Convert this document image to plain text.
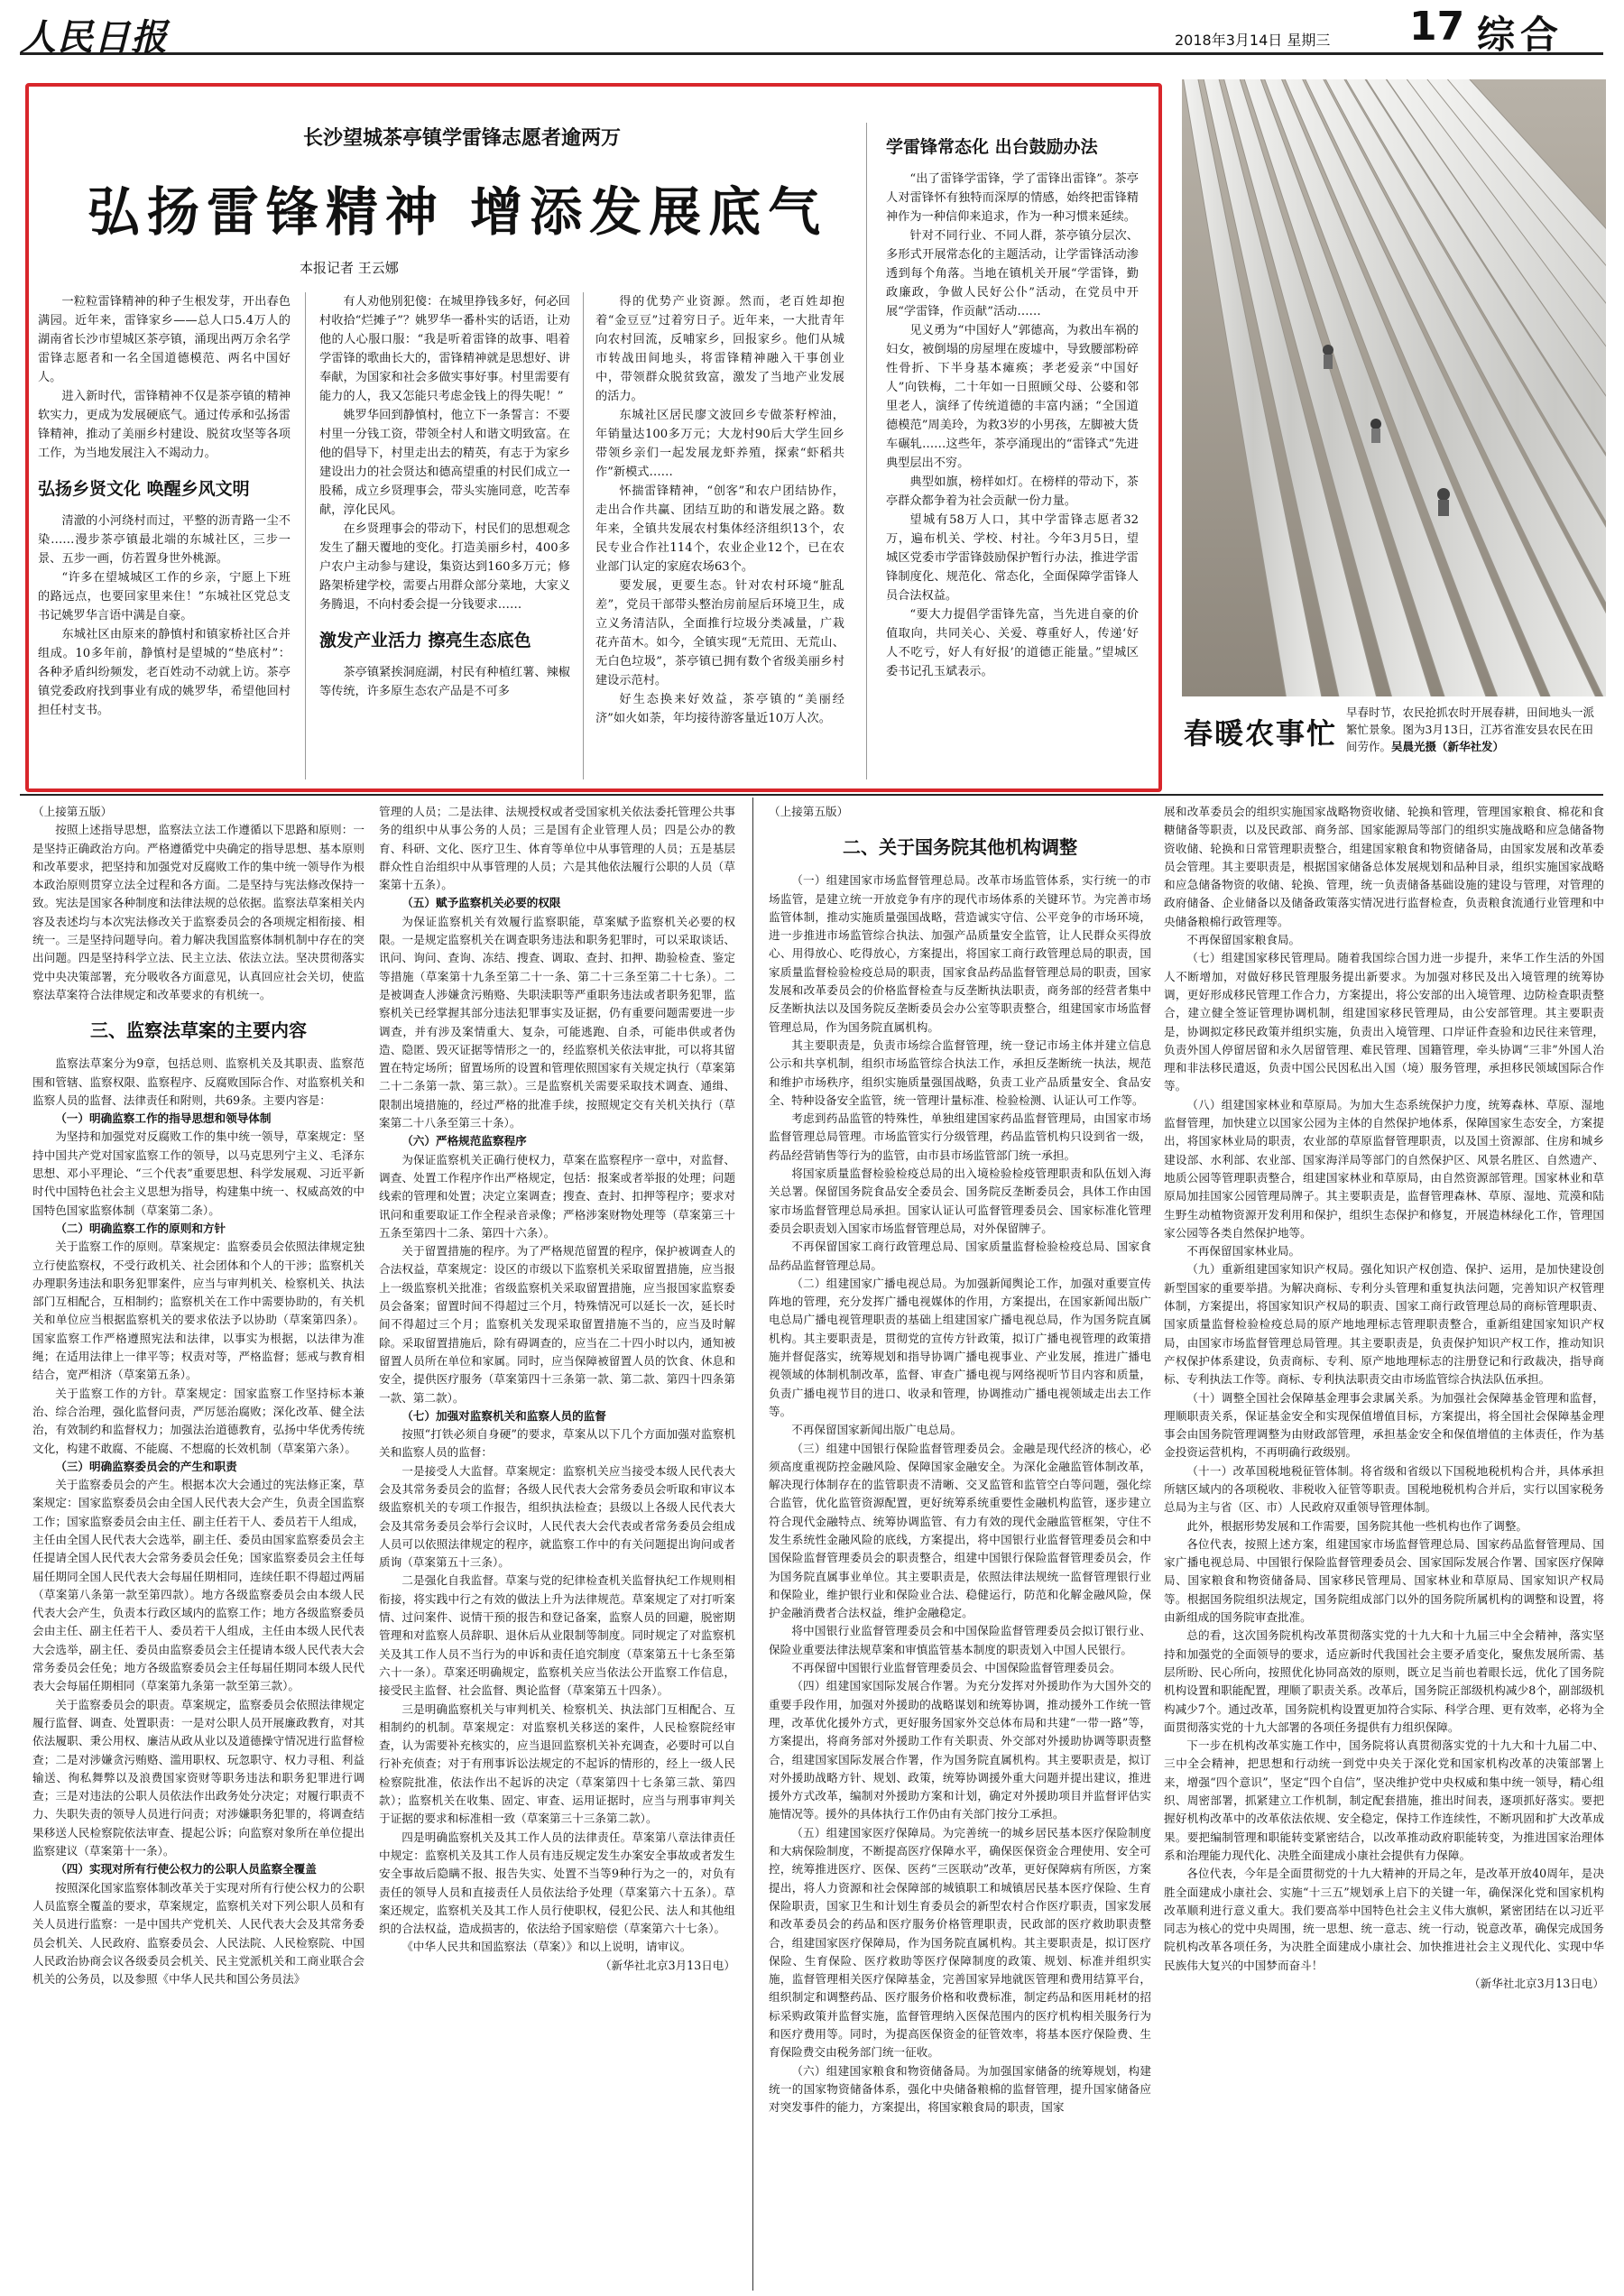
人民日报	2018年3月14日 星期三 17 综合
长沙望城茶亭镇学雷锋志愿者逾两万
弘扬雷锋精神 增添发展底气
本报记者 王云娜

一粒粒雷锋精神的种子生根发芽，开出春色满园。近年来，雷锋家乡——总人口5.4万人的湖南省长沙市望城区茶亭镇，涌现出两万余名学雷锋志愿者和一名全国道德模范、两名中国好人。

进入新时代，雷锋精神不仅是茶亭镇的精神软实力，更成为发展硬底气。通过传承和弘扬雷锋精神，推动了美丽乡村建设、脱贫攻坚等各项工作，为当地发展注入不竭动力。

弘扬乡贤文化 唤醒乡风文明

清澈的小河绕村而过，平整的沥青路一尘不染……漫步茶亭镇最北端的东城社区，三步一景、五步一画，仿若置身世外桃源。

“许多在望城城区工作的乡亲，宁愿上下班的路远点，也要回家里来住！”东城社区党总支书记姚罗华言语中满是自豪。

东城社区由原来的静慎村和镇家桥社区合并组成。10多年前，静慎村是望城的“垫底村”：各种矛盾纠纷频发，老百姓动不动就上访。茶亭镇党委政府找到事业有成的姚罗华，希望他回村担任村支书。

有人劝他别犯傻：在城里挣钱多好，何必回村收拾“烂摊子”？姚罗华一番朴实的话语，让劝他的人心服口服：“我是听着雷锋的故事、唱着学雷锋的歌曲长大的，雷锋精神就是思想好、讲奉献，为国家和社会多做实事好事。村里需要有能力的人，我又怎能只考虑金钱上的得失呢！”

姚罗华回到静慎村，他立下一条誓言：不要村里一分钱工资，带领全村人和谐文明致富。在他的倡导下，村里走出去的精英，有志于为家乡建设出力的社会贤达和德高望重的村民们成立一股稀，成立乡贤理事会，带头实施同意，吃苦奉献，淳化民风。

在乡贤理事会的带动下，村民们的思想观念发生了翻天覆地的变化。打造美丽乡村，400多户农户主动参与建设，集资达到160多万元；修路架桥建学校，需要占用群众部分菜地，大家义务腾退，不向村委会提一分钱要求……

激发产业活力 擦亮生态底色

茶亭镇紧挨洞庭湖，村民有种植红薯、辣椒等传统，许多原生态农产品是不可多

得的优势产业资源。然而，老百姓却抱着“金豆豆”过着穷日子。近年来，一大批青年向农村回流，反哺家乡，回报家乡。他们从城市转战田间地头，将雷锋精神融入干事创业中，带领群众脱贫致富，激发了当地产业发展的活力。

东城社区居民廖文波回乡专做茶籽榨油，年销量达100多万元；大龙村90后大学生回乡带领乡亲们一起发展龙虾养殖，探索“虾稻共作”新模式……

怀揣雷锋精神，“创客”和农户团结协作，走出合作共赢、团结互助的和谐发展之路。数年来，全镇共发展农村集体经济组织13个，农民专业合作社114个，农业企业12个，已在农业部门认定的家庭农场63个。

要发展，更要生态。针对农村环境“脏乱差”，党员干部带头整治房前屋后环境卫生，成立义务清洁队，全面推行垃圾分类减量，广栽花卉苗木。如今，全镇实现“无荒田、无荒山、无白色垃圾”，茶亭镇已拥有数个省级美丽乡村建设示范村。

好生态换来好效益，茶亭镇的“美丽经济”如火如荼，年均接待游客量近10万人次。

学雷锋常态化 出台鼓励办法

“出了雷锋学雷锋，学了雷锋出雷锋”。茶亭人对雷锋怀有独特而深厚的情感，始终把雷锋精神作为一种信仰来追求，作为一种习惯来延续。

针对不同行业、不同人群，茶亭镇分层次、多形式开展常态化的主题活动，让学雷锋活动渗透到每个角落。当地在镇机关开展“学雷锋，勤政廉政，争做人民好公仆”活动，在党员中开展“学雷锋，作贡献”活动……

见义勇为“中国好人”郭德高，为救出车祸的妇女，被倒塌的房屋埋在废墟中，导致腰部粉碎性骨折、下半身基本瘫痪；孝老爱亲“中国好人”向铁梅，二十年如一日照顾父母、公婆和邻里老人，演绎了传统道德的丰富内涵；“全国道德模范”周美玲，为救3岁的小男孩，左脚被大货车碾轧……这些年，茶亭涌现出的“雷锋式”先进典型层出不穷。

典型如旗，榜样如灯。在榜样的带动下，茶亭群众都争着为社会贡献一份力量。

望城有58万人口，其中学雷锋志愿者32万，遍布机关、学校、村社。今年3月5日，望城区党委市学雷锋鼓励保护暂行办法，推进学雷锋制度化、规范化、常态化，全面保障学雷锋人员合法权益。

“要大力提倡学雷锋先富，当先进自豪的价值取向，共同关心、关爱、尊重好人，传递‘好人不吃亏，好人有好报’的道德正能量。”望城区委书记孔玉斌表示。

春暖农事忙
早春时节，农民抢抓农时开展春耕，田间地头一派繁忙景象。图为3月13日，江苏省淮安县农民在田间劳作。吴晨光摄（新华社发）

（上接第五版）

按照上述指导思想，监察法立法工作遵循以下思路和原则：一是坚持正确政治方向。严格遵循党中央确定的指导思想、基本原则和改革要求，把坚持和加强党对反腐败工作的集中统一领导作为根本政治原则贯穿立法全过程和各方面。二是坚持与宪法修改保持一致。宪法是国家各种制度和法律法规的总依据。监察法草案相关内容及表述均与本次宪法修改关于监察委员会的各项规定相衔接、相统一。三是坚持问题导向。着力解决我国监察体制机制中存在的突出问题。四是坚持科学立法、民主立法、依法立法。坚决贯彻落实党中央决策部署，充分吸收各方面意见，认真回应社会关切，使监察法草案符合法律规定和改革要求的有机统一。

三、监察法草案的主要内容

监察法草案分为9章，包括总则、监察机关及其职责、监察范围和管辖、监察权限、监察程序、反腐败国际合作、对监察机关和监察人员的监督、法律责任和附则，共69条。主要内容是：

（一）明确监察工作的指导思想和领导体制

为坚持和加强党对反腐败工作的集中统一领导，草案规定：坚持中国共产党对国家监察工作的领导，以马克思列宁主义、毛泽东思想、邓小平理论、“三个代表”重要思想、科学发展观、习近平新时代中国特色社会主义思想为指导，构建集中统一、权威高效的中国特色国家监察体制（草案第二条）。

（二）明确监察工作的原则和方针

关于监察工作的原则。草案规定：监察委员会依照法律规定独立行使监察权，不受行政机关、社会团体和个人的干涉；监察机关办理职务违法和职务犯罪案件，应当与审判机关、检察机关、执法部门互相配合，互相制约；监察机关在工作中需要协助的，有关机关和单位应当根据监察机关的要求依法予以协助（草案第四条）。国家监察工作严格遵照宪法和法律，以事实为根据，以法律为准绳；在适用法律上一律平等；权责对等，严格监督；惩戒与教育相结合，宽严相济（草案第五条）。

关于监察工作的方针。草案规定：国家监察工作坚持标本兼治、综合治理，强化监督问责，严厉惩治腐败；深化改革、健全法治，有效制约和监督权力；加强法治道德教育，弘扬中华优秀传统文化，构建不敢腐、不能腐、不想腐的长效机制（草案第六条）。

（三）明确监察委员会的产生和职责

关于监察委员会的产生。根据本次大会通过的宪法修正案，草案规定：国家监察委员会由全国人民代表大会产生，负责全国监察工作；国家监察委员会由主任、副主任若干人、委员若干人组成，主任由全国人民代表大会选举，副主任、委员由国家监察委员会主任提请全国人民代表大会常务委员会任免；国家监察委员会主任每届任期同全国人民代表大会每届任期相同，连续任职不得超过两届（草案第八条第一款至第四款）。地方各级监察委员会由本级人民代表大会产生，负责本行政区域内的监察工作；地方各级监察委员会由主任、副主任若干人、委员若干人组成，主任由本级人民代表大会选举，副主任、委员由监察委员会主任提请本级人民代表大会常务委员会任免；地方各级监察委员会主任每届任期同本级人民代表大会每届任期相同（草案第九条第一款至第三款）。

关于监察委员会的职责。草案规定，监察委员会依照法律规定履行监督、调查、处置职责：一是对公职人员开展廉政教育，对其依法履职、秉公用权、廉洁从政从业以及道德操守情况进行监督检查；二是对涉嫌贪污贿赂、滥用职权、玩忽职守、权力寻租、利益输送、徇私舞弊以及浪费国家资财等职务违法和职务犯罪进行调查；三是对违法的公职人员依法作出政务处分决定；对履行职责不力、失职失责的领导人员进行问责；对涉嫌职务犯罪的，将调查结果移送人民检察院依法审查、提起公诉；向监察对象所在单位提出监察建议（草案第十一条）。

（四）实现对所有行使公权力的公职人员监察全覆盖

按照深化国家监察体制改革关于实现对所有行使公权力的公职人员监察全覆盖的要求，草案规定，监察机关对下列公职人员和有关人员进行监察：一是中国共产党机关、人民代表大会及其常务委员会机关、人民政府、监察委员会、人民法院、人民检察院、中国人民政治协商会议各级委员会机关、民主党派机关和工商业联合会机关的公务员，以及参照《中华人民共和国公务员法》

管理的人员；二是法律、法规授权或者受国家机关依法委托管理公共事务的组织中从事公务的人员；三是国有企业管理人员；四是公办的教育、科研、文化、医疗卫生、体育等单位中从事管理的人员；五是基层群众性自治组织中从事管理的人员；六是其他依法履行公职的人员（草案第十五条）。

（五）赋予监察机关必要的权限

为保证监察机关有效履行监察职能，草案赋予监察机关必要的权限。一是规定监察机关在调查职务违法和职务犯罪时，可以采取谈话、讯问、询问、查询、冻结、搜查、调取、查封、扣押、勘验检查、鉴定等措施（草案第十九条至第二十一条、第二十三条至第二十七条）。二是被调查人涉嫌贪污贿赂、失职渎职等严重职务违法或者职务犯罪，监察机关已经掌握其部分违法犯罪事实及证据，仍有重要问题需要进一步调查，并有涉及案情重大、复杂，可能逃跑、自杀，可能串供或者伪造、隐匿、毁灭证据等情形之一的，经监察机关依法审批，可以将其留置在特定场所；留置场所的设置和管理依照国家有关规定执行（草案第二十二条第一款、第三款）。三是监察机关需要采取技术调查、通缉、限制出境措施的，经过严格的批准手续，按照规定交有关机关执行（草案第二十八条至第三十条）。

（六）严格规范监察程序

为保证监察机关正确行使权力，草案在监察程序一章中，对监督、调查、处置工作程序作出严格规定，包括：报案或者举报的处理；问题线索的管理和处置；决定立案调查；搜查、查封、扣押等程序；要求对讯问和重要取证工作全程录音录像；严格涉案财物处理等（草案第三十五条至第四十二条、第四十六条）。

关于留置措施的程序。为了严格规范留置的程序，保护被调查人的合法权益，草案规定：设区的市级以下监察机关采取留置措施，应当报上一级监察机关批准；省级监察机关采取留置措施，应当报国家监察委员会备案；留置时间不得超过三个月，特殊情况可以延长一次，延长时间不得超过三个月；监察机关发现采取留置措施不当的，应当及时解除。采取留置措施后，除有碍调查的，应当在二十四小时以内，通知被留置人员所在单位和家属。同时，应当保障被留置人员的饮食、休息和安全，提供医疗服务（草案第四十三条第一款、第二款、第四十四条第一款、第二款）。

（七）加强对监察机关和监察人员的监督

按照“打铁必须自身硬”的要求，草案从以下几个方面加强对监察机关和监察人员的监督：

一是接受人大监督。草案规定：监察机关应当接受本级人民代表大会及其常务委员会的监督；各级人民代表大会常务委员会听取和审议本级监察机关的专项工作报告，组织执法检查；县级以上各级人民代表大会及其常务委员会举行会议时，人民代表大会代表或者常务委员会组成人员可以依照法律规定的程序，就监察工作中的有关问题提出询问或者质询（草案第五十三条）。

二是强化自我监督。草案与党的纪律检查机关监督执纪工作规则相衔接，将实践中行之有效的做法上升为法律规范。草案规定了对打听案情、过问案件、说情干预的报告和登记备案，监察人员的回避，脱密期管理和对监察人员辞职、退休后从业限制等制度。同时规定了对监察机关及其工作人员不当行为的申诉和责任追究制度（草案第五十七条至第六十一条）。草案还明确规定，监察机关应当依法公开监察工作信息，接受民主监督、社会监督、舆论监督（草案第五十四条）。

三是明确监察机关与审判机关、检察机关、执法部门互相配合、互相制约的机制。草案规定：对监察机关移送的案件，人民检察院经审查，认为需要补充核实的，应当退回监察机关补充调查，必要时可以自行补充侦查；对于有刑事诉讼法规定的不起诉的情形的，经上一级人民检察院批准，依法作出不起诉的决定（草案第四十七条第三款、第四款）；监察机关在收集、固定、审查、运用证据时，应当与刑事审判关于证据的要求和标准相一致（草案第三十三条第二款）。

四是明确监察机关及其工作人员的法律责任。草案第八章法律责任中规定：监察机关及其工作人员有违反规定发生办案安全事故或者发生安全事故后隐瞒不报、报告失实、处置不当等9种行为之一的，对负有责任的领导人员和直接责任人员依法给予处理（草案第六十五条）。草案还规定，监察机关及其工作人员行使职权，侵犯公民、法人和其他组织的合法权益，造成损害的，依法给予国家赔偿（草案第六十七条）。

《中华人民共和国监察法（草案）》和以上说明，请审议。

（新华社北京3月13日电）

（上接第五版）

二、关于国务院其他机构调整

（一）组建国家市场监督管理总局。改革市场监管体系，实行统一的市场监管，是建立统一开放竞争有序的现代市场体系的关键环节。为完善市场监管体制，推动实施质量强国战略，营造诚实守信、公平竞争的市场环境，进一步推进市场监管综合执法、加强产品质量安全监管，让人民群众买得放心、用得放心、吃得放心，方案提出，将国家工商行政管理总局的职责，国家质量监督检验检疫总局的职责，国家食品药品监督管理总局的职责，国家发展和改革委员会的价格监督检查与反垄断执法职责，商务部的经营者集中反垄断执法以及国务院反垄断委员会办公室等职责整合，组建国家市场监督管理总局，作为国务院直属机构。

其主要职责是，负责市场综合监督管理，统一登记市场主体并建立信息公示和共享机制，组织市场监管综合执法工作，承担反垄断统一执法，规范和维护市场秩序，组织实施质量强国战略，负责工业产品质量安全、食品安全、特种设备安全监管，统一管理计量标准、检验检测、认证认可工作等。

考虑到药品监管的特殊性，单独组建国家药品监督管理局，由国家市场监督管理总局管理。市场监管实行分级管理，药品监管机构只设到省一级，药品经营销售等行为的监管，由市县市场监管部门统一承担。

将国家质量监督检验检疫总局的出入境检验检疫管理职责和队伍划入海关总署。保留国务院食品安全委员会、国务院反垄断委员会，具体工作由国家市场监督管理总局承担。国家认证认可监督管理委员会、国家标准化管理委员会职责划入国家市场监督管理总局，对外保留牌子。

不再保留国家工商行政管理总局、国家质量监督检验检疫总局、国家食品药品监督管理总局。

（二）组建国家广播电视总局。为加强新闻舆论工作，加强对重要宣传阵地的管理，充分发挥广播电视媒体的作用，方案提出，在国家新闻出版广电总局广播电视管理职责的基础上组建国家广播电视总局，作为国务院直属机构。其主要职责是，贯彻党的宣传方针政策，拟订广播电视管理的政策措施并督促落实，统筹规划和指导协调广播电视事业、产业发展，推进广播电视领域的体制机制改革，监督、审查广播电视与网络视听节目内容和质量，负责广播电视节目的进口、收录和管理，协调推动广播电视领域走出去工作等。

不再保留国家新闻出版广电总局。

（三）组建中国银行保险监督管理委员会。金融是现代经济的核心，必须高度重视防控金融风险、保障国家金融安全。为深化金融监管体制改革，解决现行体制存在的监管职责不清晰、交叉监管和监管空白等问题，强化综合监管，优化监管资源配置，更好统筹系统重要性金融机构监管，逐步建立符合现代金融特点、统筹协调监管、有力有效的现代金融监管框架，守住不发生系统性金融风险的底线，方案提出，将中国银行业监督管理委员会和中国保险监督管理委员会的职责整合，组建中国银行保险监督管理委员会，作为国务院直属事业单位。其主要职责是，依照法律法规统一监督管理银行业和保险业，维护银行业和保险业合法、稳健运行，防范和化解金融风险，保护金融消费者合法权益，维护金融稳定。

将中国银行业监督管理委员会和中国保险监督管理委员会拟订银行业、保险业重要法律法规草案和审慎监管基本制度的职责划入中国人民银行。

不再保留中国银行业监督管理委员会、中国保险监督管理委员会。

（四）组建国家国际发展合作署。为充分发挥对外援助作为大国外交的重要手段作用，加强对外援助的战略谋划和统筹协调，推动援外工作统一管理，改革优化援外方式，更好服务国家外交总体布局和共建“一带一路”等，方案提出，将商务部对外援助工作有关职责、外交部对外援助协调等职责整合，组建国家国际发展合作署，作为国务院直属机构。其主要职责是，拟订对外援助战略方针、规划、政策，统筹协调援外重大问题并提出建议，推进援外方式改革，编制对外援助方案和计划，确定对外援助项目并监督评估实施情况等。援外的具体执行工作仍由有关部门按分工承担。

（五）组建国家医疗保障局。为完善统一的城乡居民基本医疗保险制度和大病保险制度，不断提高医疗保障水平，确保医保资金合理使用、安全可控，统筹推进医疗、医保、医药“三医联动”改革，更好保障病有所医，方案提出，将人力资源和社会保障部的城镇职工和城镇居民基本医疗保险、生育保险职责，国家卫生和计划生育委员会的新型农村合作医疗职责，国家发展和改革委员会的药品和医疗服务价格管理职责，民政部的医疗救助职责整合，组建国家医疗保障局，作为国务院直属机构。其主要职责是，拟订医疗保险、生育保险、医疗救助等医疗保障制度的政策、规划、标准并组织实施，监督管理相关医疗保障基金，完善国家异地就医管理和费用结算平台，组织制定和调整药品、医疗服务价格和收费标准，制定药品和医用耗材的招标采购政策并监督实施，监督管理纳入医保范围内的医疗机构相关服务行为和医疗费用等。同时，为提高医保资金的征管效率，将基本医疗保险费、生育保险费交由税务部门统一征收。

（六）组建国家粮食和物资储备局。为加强国家储备的统筹规划，构建统一的国家物资储备体系，强化中央储备粮棉的监督管理，提升国家储备应对突发事件的能力，方案提出，将国家粮食局的职责，国家

展和改革委员会的组织实施国家战略物资收储、轮换和管理，管理国家粮食、棉花和食糖储备等职责，以及民政部、商务部、国家能源局等部门的组织实施战略和应急储备物资收储、轮换和日常管理职责整合，组建国家粮食和物资储备局，由国家发展和改革委员会管理。其主要职责是，根据国家储备总体发展规划和品种目录，组织实施国家战略和应急储备物资的收储、轮换、管理，统一负责储备基础设施的建设与管理，对管理的政府储备、企业储备以及储备政策落实情况进行监督检查，负责粮食流通行业管理和中央储备粮棉行政管理等。

不再保留国家粮食局。

（七）组建国家移民管理局。随着我国综合国力进一步提升，来华工作生活的外国人不断增加，对做好移民管理服务提出新要求。为加强对移民及出入境管理的统筹协调，更好形成移民管理工作合力，方案提出，将公安部的出入境管理、边防检查职责整合，建立健全签证管理协调机制，组建国家移民管理局，由公安部管理。其主要职责是，协调拟定移民政策并组织实施，负责出入境管理、口岸证件查验和边民往来管理，负责外国人停留居留和永久居留管理、难民管理、国籍管理，牵头协调“三非”外国人治理和非法移民遣返，负责中国公民因私出入国（境）服务管理，承担移民领域国际合作等。

（八）组建国家林业和草原局。为加大生态系统保护力度，统筹森林、草原、湿地监督管理，加快建立以国家公园为主体的自然保护地体系，保障国家生态安全，方案提出，将国家林业局的职责，农业部的草原监督管理职责，以及国土资源部、住房和城乡建设部、水利部、农业部、国家海洋局等部门的自然保护区、风景名胜区、自然遗产、地质公园等管理职责整合，组建国家林业和草原局，由自然资源部管理。国家林业和草原局加挂国家公园管理局牌子。其主要职责是，监督管理森林、草原、湿地、荒漠和陆生野生动植物资源开发利用和保护，组织生态保护和修复，开展造林绿化工作，管理国家公园等各类自然保护地等。

不再保留国家林业局。

（九）重新组建国家知识产权局。强化知识产权创造、保护、运用，是加快建设创新型国家的重要举措。为解决商标、专利分头管理和重复执法问题，完善知识产权管理体制，方案提出，将国家知识产权局的职责、国家工商行政管理总局的商标管理职责、国家质量监督检验检疫总局的原产地地理标志管理职责整合，重新组建国家知识产权局，由国家市场监督管理总局管理。其主要职责是，负责保护知识产权工作，推动知识产权保护体系建设，负责商标、专利、原产地地理标志的注册登记和行政裁决，指导商标、专利执法工作等。商标、专利执法职责交由市场监管综合执法队伍承担。

（十）调整全国社会保障基金理事会隶属关系。为加强社会保障基金管理和监督，理顺职责关系，保证基金安全和实现保值增值目标，方案提出，将全国社会保障基金理事会由国务院管理调整为由财政部管理，承担基金安全和保值增值的主体责任，作为基金投资运营机构，不再明确行政级别。

（十一）改革国税地税征管体制。将省级和省级以下国税地税机构合并，具体承担所辖区域内的各项税收、非税收入征管等职责。国税地税机构合并后，实行以国家税务总局为主与省（区、市）人民政府双重领导管理体制。

此外，根据形势发展和工作需要，国务院其他一些机构也作了调整。

各位代表，按照上述方案，组建国家市场监督管理总局、国家药品监督管理局、国家广播电视总局、中国银行保险监督管理委员会、国家国际发展合作署、国家医疗保障局、国家粮食和物资储备局、国家移民管理局、国家林业和草原局、国家知识产权局等。根据国务院组织法规定，国务院组成部门以外的国务院所属机构的调整和设置，将由新组成的国务院审查批准。

总的看，这次国务院机构改革贯彻落实党的十九大和十九届三中全会精神，落实坚持和加强党的全面领导的要求，适应新时代我国社会主要矛盾变化，聚焦发展所需、基层所盼、民心所向，按照优化协同高效的原则，既立足当前也着眼长远，优化了国务院机构设置和职能配置，理顺了职责关系。改革后，国务院正部级机构减少8个，副部级机构减少7个。通过改革，国务院机构设置更加符合实际、科学合理、更有效率，必将为全面贯彻落实党的十九大部署的各项任务提供有力组织保障。

下一步在机构改革实施工作中，国务院将认真贯彻落实党的十九大和十九届二中、三中全会精神，把思想和行动统一到党中央关于深化党和国家机构改革的决策部署上来，增强“四个意识”，坚定“四个自信”，坚决维护党中央权威和集中统一领导，精心组织、周密部署，抓紧建立工作机制，制定配套措施，推出时间表，逐项抓好落实。要把握好机构改革中的改革依法依规、安全稳定，保持工作连续性，不断巩固和扩大改革成果。要把编制管理和职能转变紧密结合，以改革推动政府职能转变，为推进国家治理体系和治理能力现代化、决胜全面建成小康社会提供有力保障。

各位代表，今年是全面贯彻党的十九大精神的开局之年，是改革开放40周年，是决胜全面建成小康社会、实施“十三五”规划承上启下的关键一年，确保深化党和国家机构改革顺利进行意义重大。我们要高举中国特色社会主义伟大旗帜，紧密团结在以习近平同志为核心的党中央周围，统一思想、统一意志、统一行动，锐意改革，确保完成国务院机构改革各项任务，为决胜全面建成小康社会、加快推进社会主义现代化、实现中华民族伟大复兴的中国梦而奋斗！

（新华社北京3月13日电）
